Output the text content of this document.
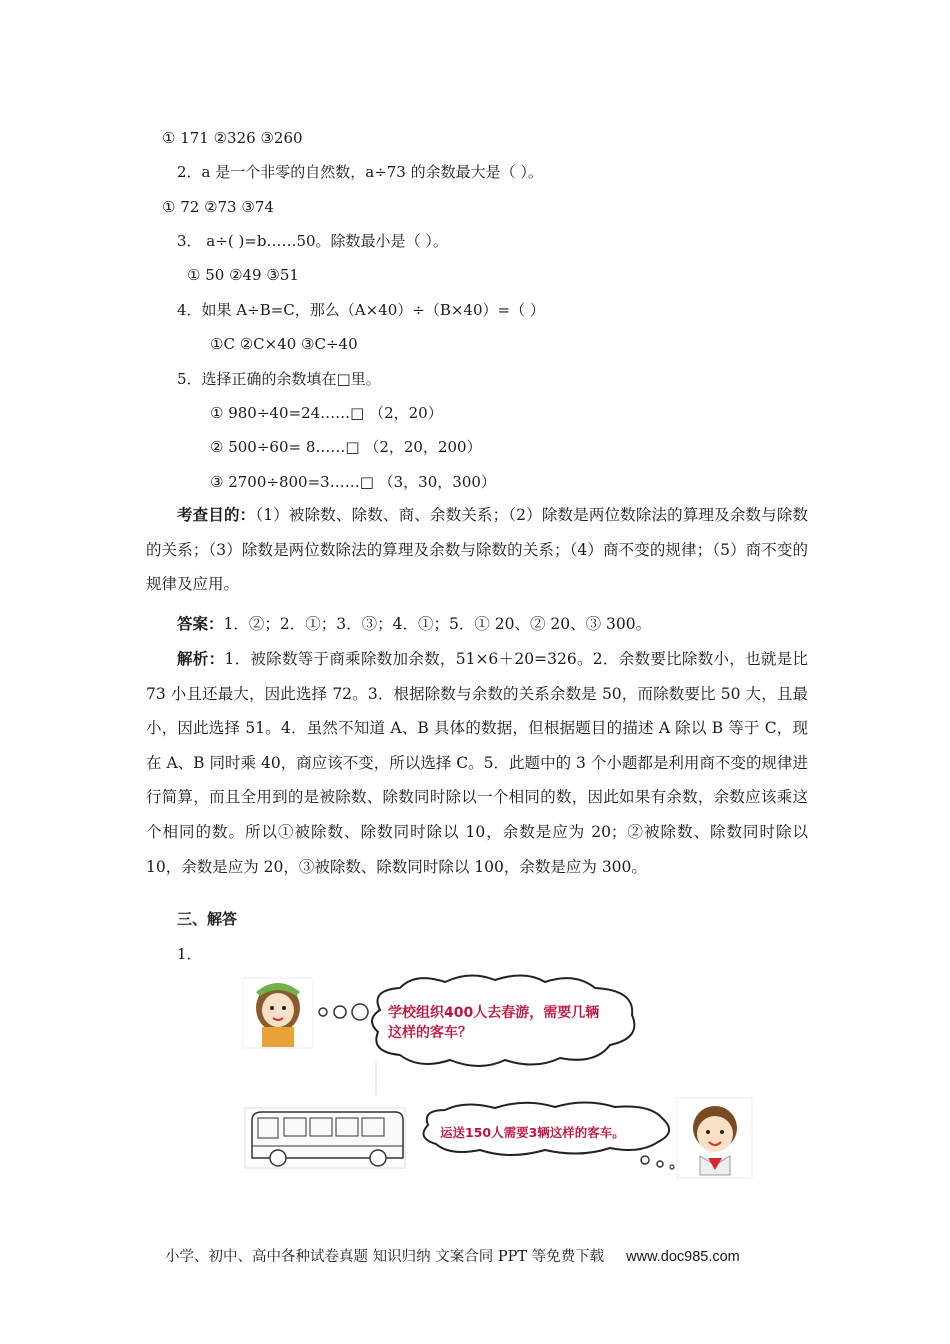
① 171 ②326 ③260
2．a 是一个非零的自然数，a÷73 的余数最大是（ ）。
① 72 ②73 ③74
3． a÷( )=b……50。除数最小是（ ）。
① 50 ②49 ③51
4．如果 A÷B=C，那么（A×40）÷（B×40）=（ ）
①C ②C×40 ③C÷40
5．选择正确的余数填在□里。
① 980÷40=24……□ （2，20）
② 500÷60= 8……□ （2，20，200）
③ 2700÷800=3……□ （3，30，300）
考查目的：（1）被除数、除数、商、余数关系；（2）除数是两位数除法的算理及余数与除数的关系；（3）除数是两位数除法的算理及余数与除数的关系；（4）商不变的规律；（5）商不变的规律及应用。
答案：1．②；2．①；3．③；4．①；5．① 20、② 20、③ 300。
解析：1．被除数等于商乘除数加余数，51×6＋20=326。2．余数要比除数小，也就是比 73 小且还最大，因此选择 72。3．根据除数与余数的关系余数是 50，而除数要比 50 大，且最小，因此选择 51。4．虽然不知道 A、B 具体的数据，但根据题目的描述 A 除以 B 等于 C，现在 A、B 同时乘 40，商应该不变，所以选择 C。5．此题中的 3 个小题都是利用商不变的规律进行简算，而且全用到的是被除数、除数同时除以一个相同的数，因此如果有余数，余数应该乘这个相同的数。所以①被除数、除数同时除以 10，余数是应为 20；②被除数、除数同时除以 10，余数是应为 20，③被除数、除数同时除以 100，余数是应为 300。
三、解答
1．
学校组织400人去春游，需要几辆
这样的客车？
运送150人需要3辆这样的客车。
小学、初中、高中各种试卷真题 知识归纳 文案合同 PPT 等免费下载 www.doc985.com
